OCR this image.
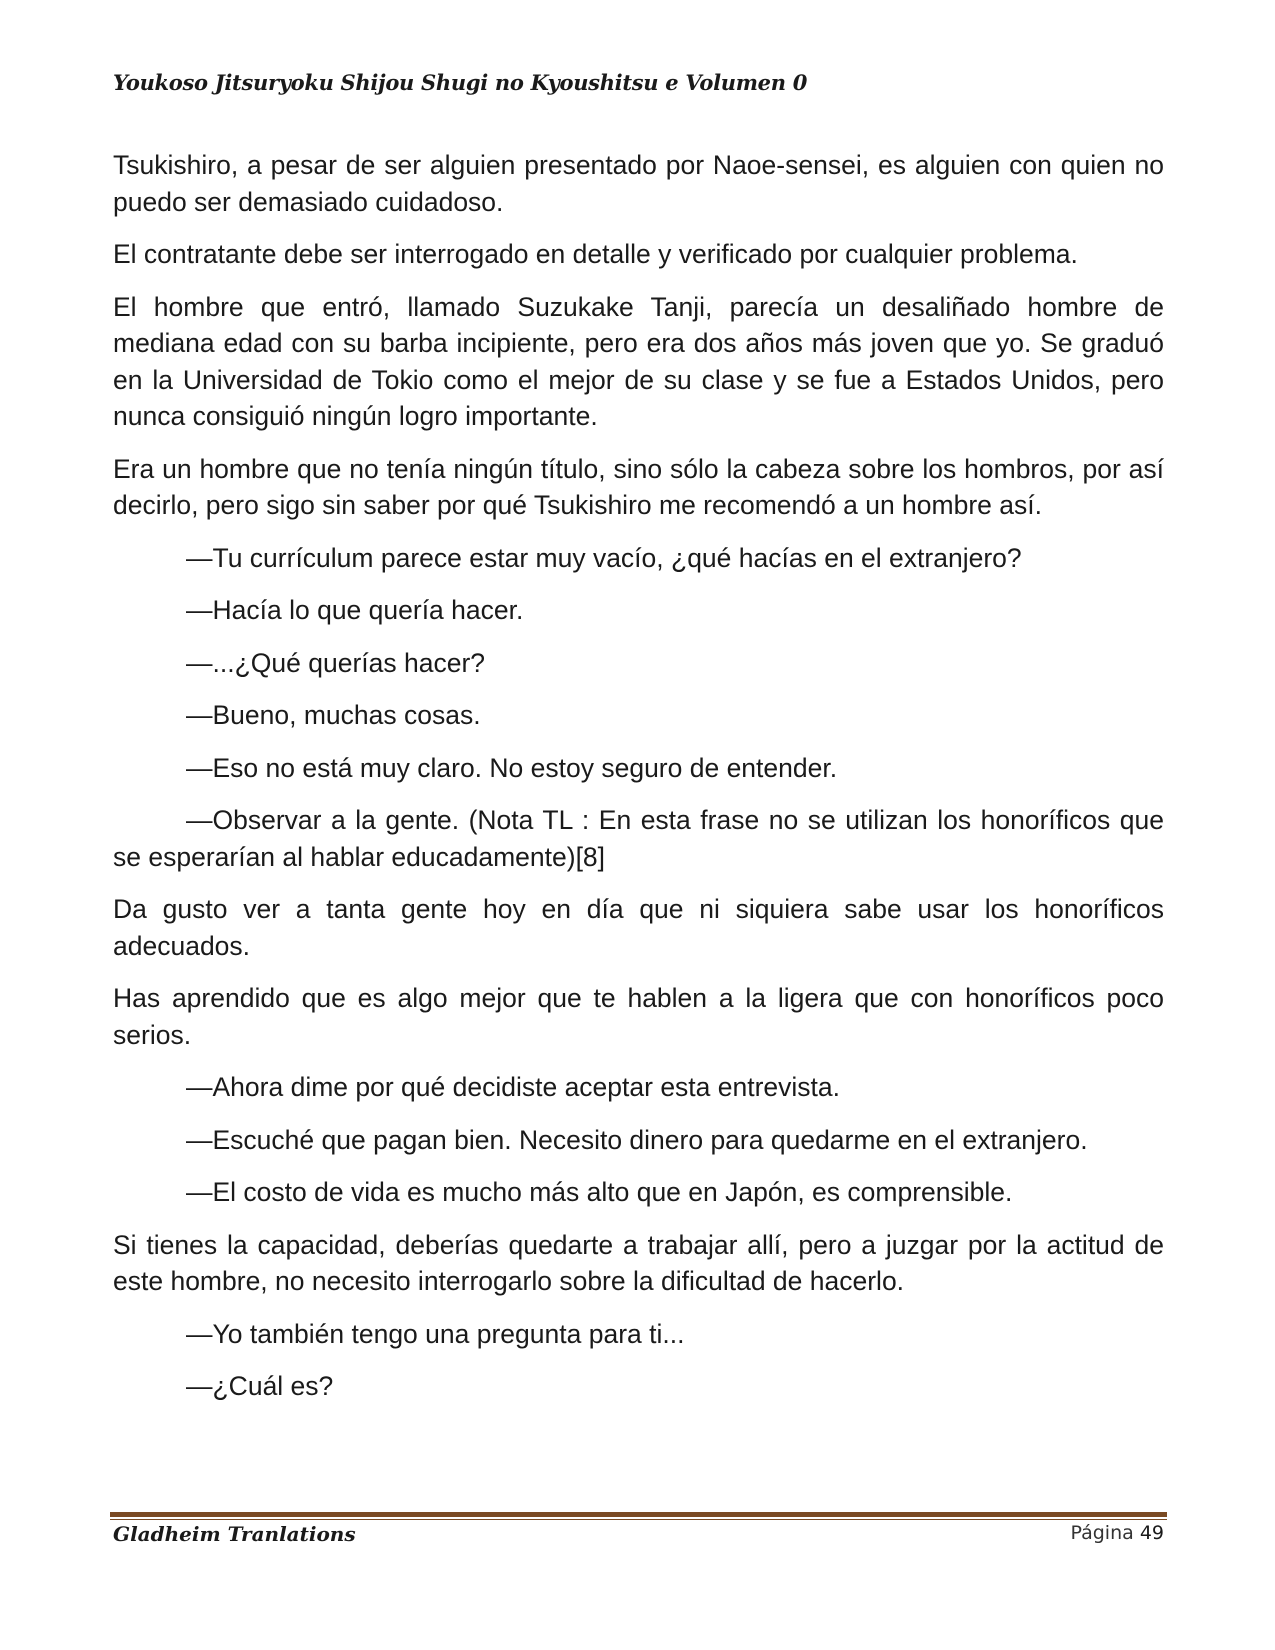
Youkoso Jitsuryoku Shijou Shugi no Kyoushitsu e Volumen 0

Tsukishiro, a pesar de ser alguien presentado por Naoe-sensei, es alguien con quien no puedo ser demasiado cuidadoso.

El contratante debe ser interrogado en detalle y verificado por cualquier problema.

El hombre que entró, llamado Suzukake Tanji, parecía un desaliñado hombre de mediana edad con su barba incipiente, pero era dos años más joven que yo. Se graduó en la Universidad de Tokio como el mejor de su clase y se fue a Estados Unidos, pero nunca consiguió ningún logro importante.

Era un hombre que no tenía ningún título, sino sólo la cabeza sobre los hombros, por así decirlo, pero sigo sin saber por qué Tsukishiro me recomendó a un hombre así.

—Tu currículum parece estar muy vacío, ¿qué hacías en el extranjero?

—Hacía lo que quería hacer.

—...¿Qué querías hacer?

—Bueno, muchas cosas.

—Eso no está muy claro. No estoy seguro de entender.

—Observar a la gente. (Nota TL : En esta frase no se utilizan los honoríficos que se esperarían al hablar educadamente)[8]

Da gusto ver a tanta gente hoy en día que ni siquiera sabe usar los honoríficos adecuados.

Has aprendido que es algo mejor que te hablen a la ligera que con honoríficos poco serios.

—Ahora dime por qué decidiste aceptar esta entrevista.

—Escuché que pagan bien. Necesito dinero para quedarme en el extranjero.

—El costo de vida es mucho más alto que en Japón, es comprensible.

Si tienes la capacidad, deberías quedarte a trabajar allí, pero a juzgar por la actitud de este hombre, no necesito interrogarlo sobre la dificultad de hacerlo.

—Yo también tengo una pregunta para ti...

—¿Cuál es?

Gladheim Tranlations	Página 49
